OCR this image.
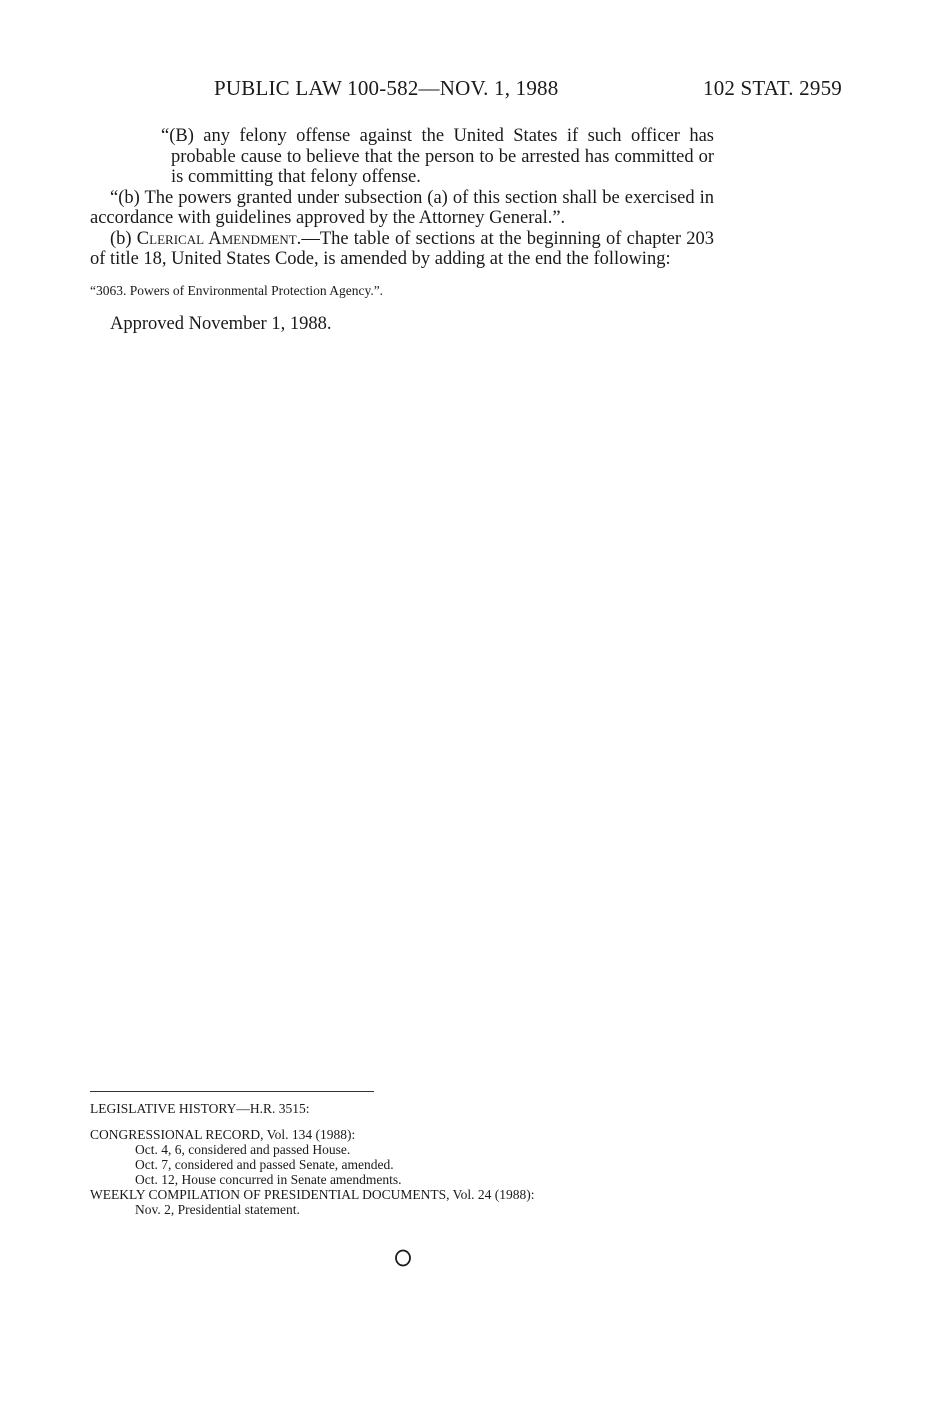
PUBLIC LAW 100-582—NOV. 1, 1988	102 STAT. 2959

“(B) any felony offense against the United States if such officer has probable cause to believe that the person to be arrested has committed or is committing that felony offense.

“(b) The powers granted under subsection (a) of this section shall be exercised in accordance with guidelines approved by the Attorney General.”.

(b) Clerical Amendment.—The table of sections at the beginning of chapter 203 of title 18, United States Code, is amended by adding at the end the following:

“3063. Powers of Environmental Protection Agency.”.

Approved November 1, 1988.

LEGISLATIVE HISTORY—H.R. 3515:

CONGRESSIONAL RECORD, Vol. 134 (1988):

Oct. 4, 6, considered and passed House.

Oct. 7, considered and passed Senate, amended.

Oct. 12, House concurred in Senate amendments.

WEEKLY COMPILATION OF PRESIDENTIAL DOCUMENTS, Vol. 24 (1988):

Nov. 2, Presidential statement.
